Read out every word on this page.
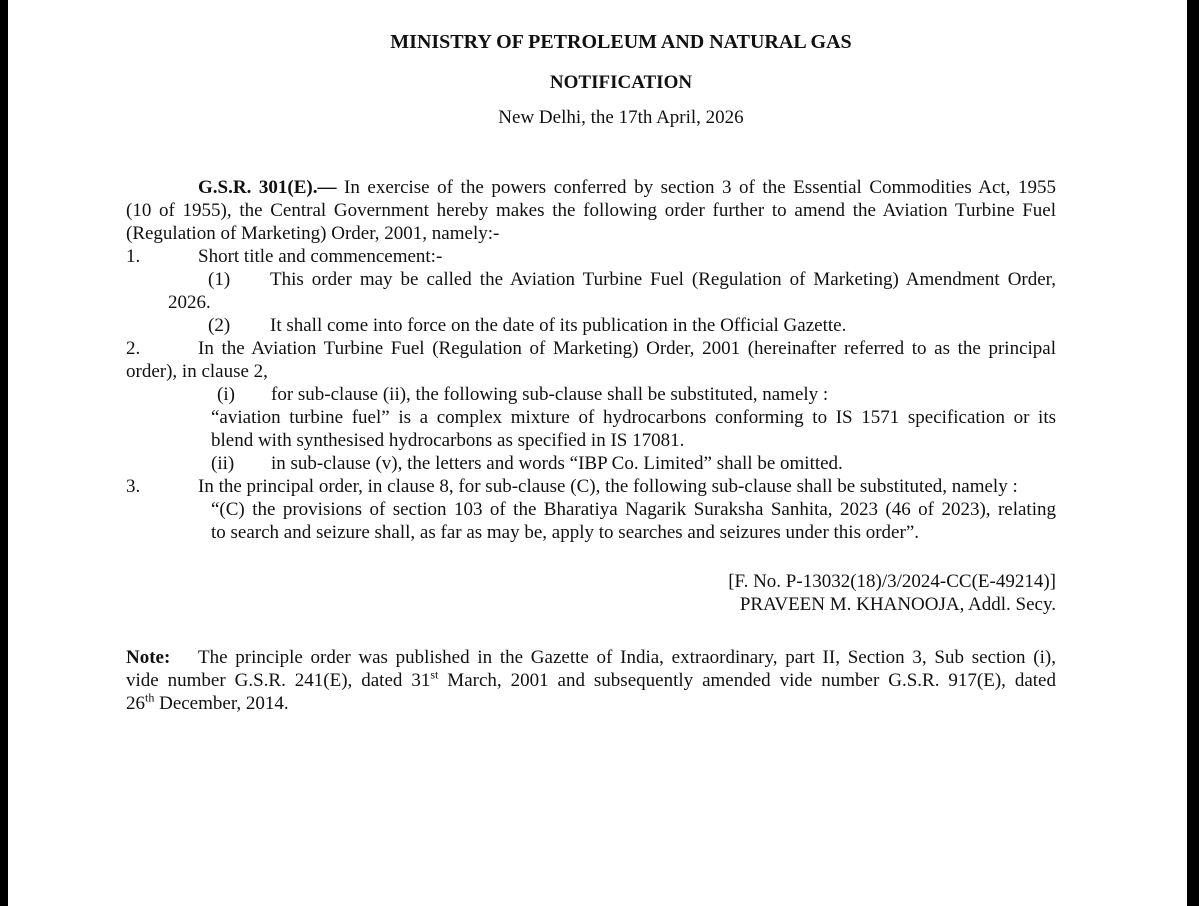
MINISTRY OF PETROLEUM AND NATURAL GAS
NOTIFICATION
New Delhi, the 17th April, 2026
G.S.R. 301(E).— In exercise of the powers conferred by section 3 of the Essential Commodities Act, 1955
(10 of 1955), the Central Government hereby makes the following order further to amend the Aviation Turbine Fuel
(Regulation of Marketing) Order, 2001, namely:-
1.	Short title and commencement:-
(1) This order may be called the Aviation Turbine Fuel (Regulation of Marketing) Amendment Order,
2026.
(2) It shall come into force on the date of its publication in the Official Gazette.
2.	In the Aviation Turbine Fuel (Regulation of Marketing) Order, 2001 (hereinafter referred to as the principal
order), in clause 2,
(i) for sub-clause (ii), the following sub-clause shall be substituted, namely :
“aviation turbine fuel” is a complex mixture of hydrocarbons conforming to IS 1571 specification or its
blend with synthesised hydrocarbons as specified in IS 17081.
(ii) in sub-clause (v), the letters and words “IBP Co. Limited” shall be omitted.
3.	In the principal order, in clause 8, for sub-clause (C), the following sub-clause shall be substituted, namely :
“(C) the provisions of section 103 of the Bharatiya Nagarik Suraksha Sanhita, 2023 (46 of 2023), relating
to search and seizure shall, as far as may be, apply to searches and seizures under this order”.
[F. No. P-13032(18)/3/2024-CC(E-49214)]
PRAVEEN M. KHANOOJA, Addl. Secy.
Note: The principle order was published in the Gazette of India, extraordinary, part II, Section 3, Sub section (i),
vide number G.S.R. 241(E), dated 31st March, 2001 and subsequently amended vide number G.S.R. 917(E), dated
26th December, 2014.
